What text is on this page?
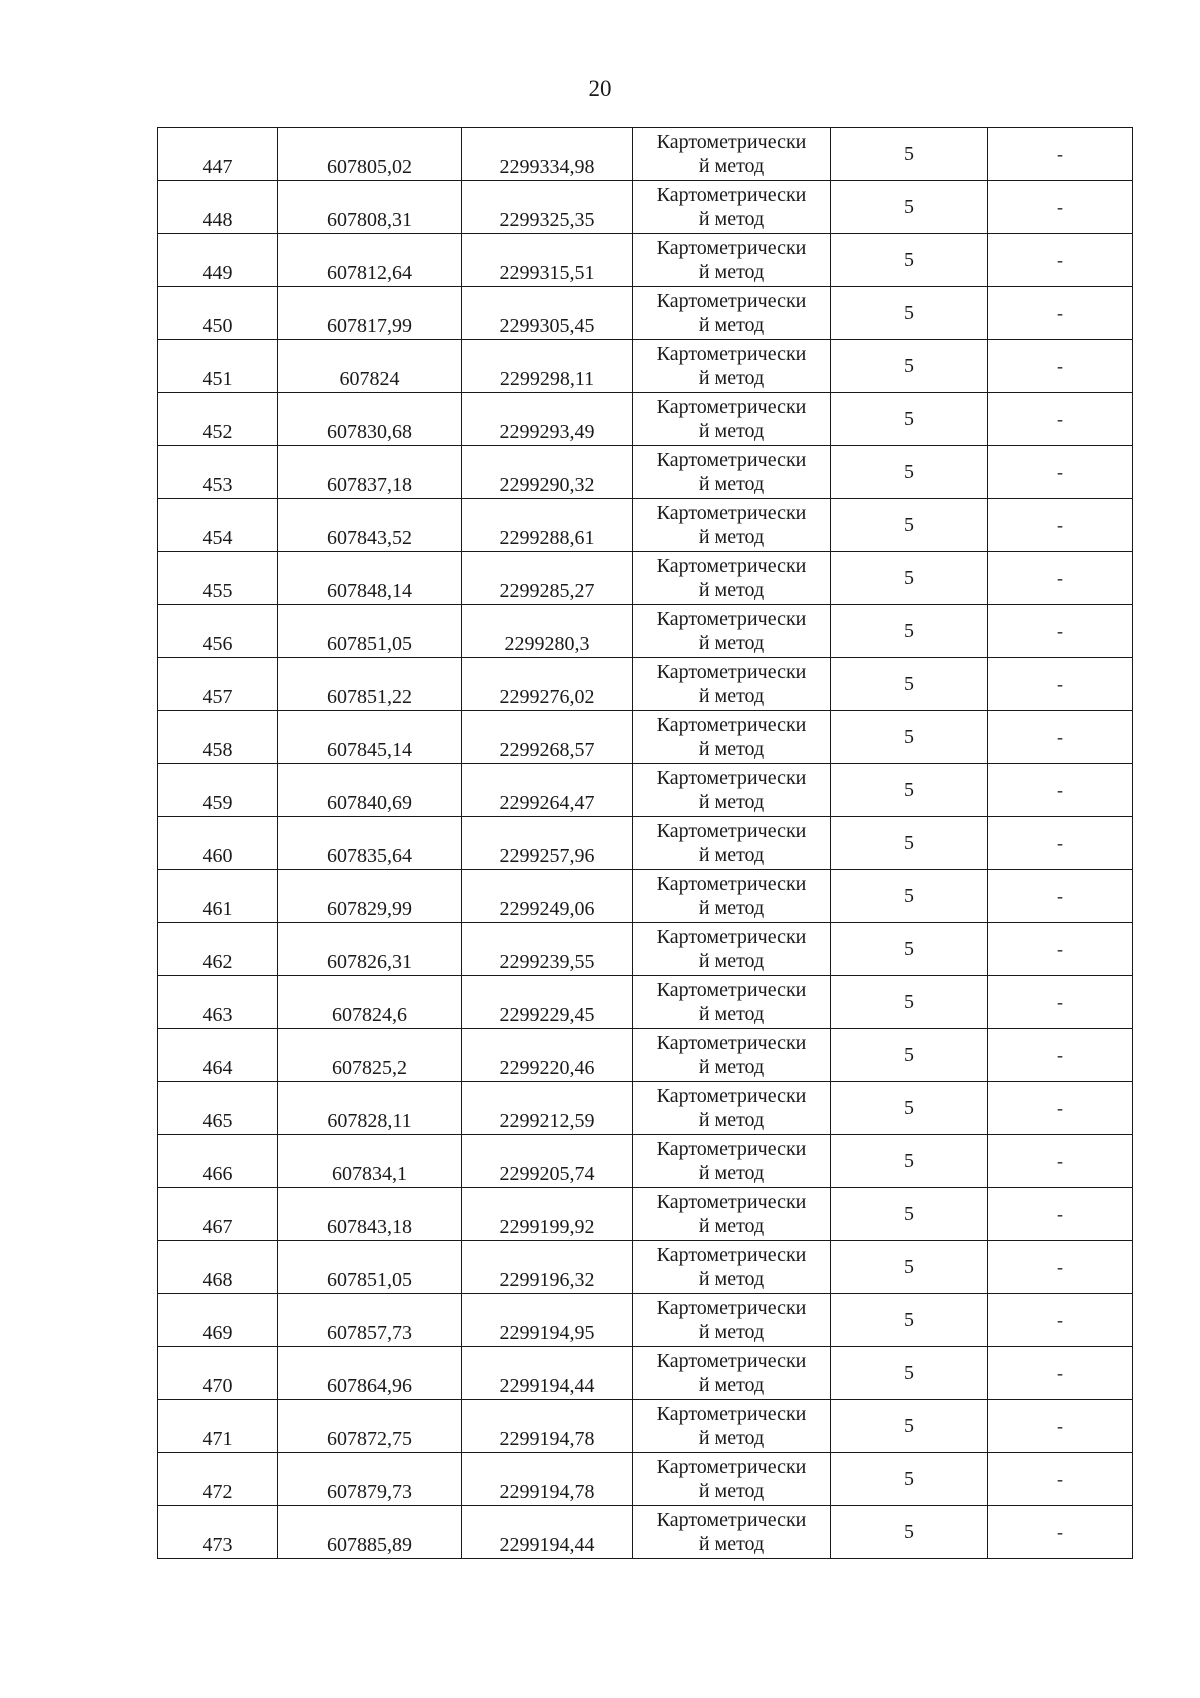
20
447	607805,02	2299334,98	Картометрически
й метод	5	-
448	607808,31	2299325,35	Картометрически
й метод	5	-
449	607812,64	2299315,51	Картометрически
й метод	5	-
450	607817,99	2299305,45	Картометрически
й метод	5	-
451	607824	2299298,11	Картометрически
й метод	5	-
452	607830,68	2299293,49	Картометрически
й метод	5	-
453	607837,18	2299290,32	Картометрически
й метод	5	-
454	607843,52	2299288,61	Картометрически
й метод	5	-
455	607848,14	2299285,27	Картометрически
й метод	5	-
456	607851,05	2299280,3	Картометрически
й метод	5	-
457	607851,22	2299276,02	Картометрически
й метод	5	-
458	607845,14	2299268,57	Картометрически
й метод	5	-
459	607840,69	2299264,47	Картометрически
й метод	5	-
460	607835,64	2299257,96	Картометрически
й метод	5	-
461	607829,99	2299249,06	Картометрически
й метод	5	-
462	607826,31	2299239,55	Картометрически
й метод	5	-
463	607824,6	2299229,45	Картометрически
й метод	5	-
464	607825,2	2299220,46	Картометрически
й метод	5	-
465	607828,11	2299212,59	Картометрически
й метод	5	-
466	607834,1	2299205,74	Картометрически
й метод	5	-
467	607843,18	2299199,92	Картометрически
й метод	5	-
468	607851,05	2299196,32	Картометрически
й метод	5	-
469	607857,73	2299194,95	Картометрически
й метод	5	-
470	607864,96	2299194,44	Картометрически
й метод	5	-
471	607872,75	2299194,78	Картометрически
й метод	5	-
472	607879,73	2299194,78	Картометрически
й метод	5	-
473	607885,89	2299194,44	Картометрически
й метод	5	-
